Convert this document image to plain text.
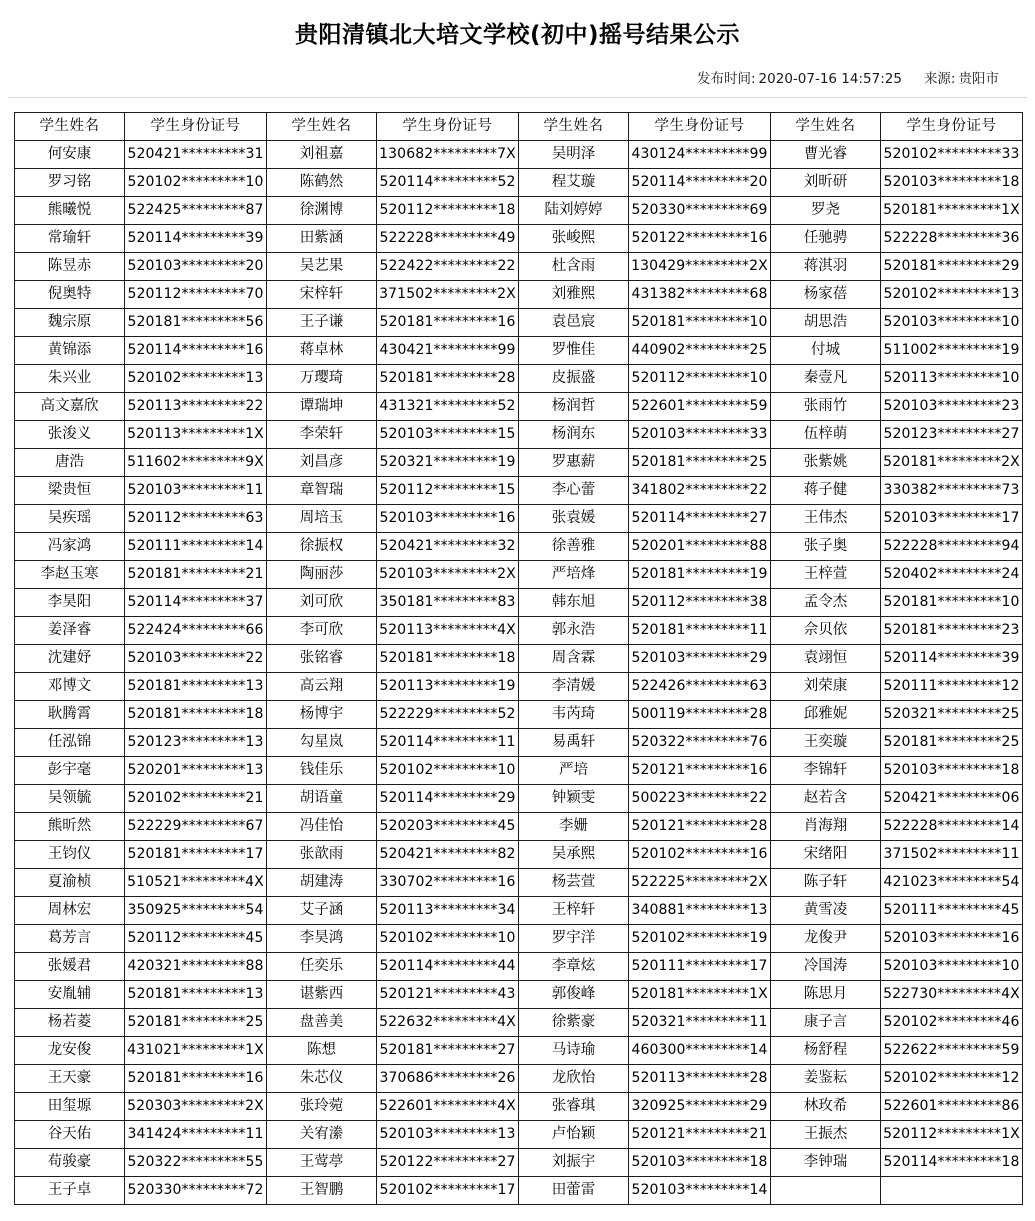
贵阳清镇北大培文学校(初中)摇号结果公示
发布时间: 2020-07-16 14:57:25 来源: 贵阳市
学生姓名	学生身份证号	学生姓名	学生身份证号	学生姓名	学生身份证号	学生姓名	学生身份证号
何安康	520421*********31	刘祖嘉	130682*********7X	吴明泽	430124*********99	曹光睿	520102*********33
罗习铭	520102*********10	陈鹤然	520114*********52	程艾璇	520114*********20	刘昕研	520103*********18
熊曦悦	522425*********87	徐渊博	520112*********18	陆刘婷婷	520330*********69	罗尧	520181*********1X
常瑜轩	520114*********39	田紫涵	522228*********49	张峻熙	520122*********16	任驰骋	522228*********36
陈昱赤	520103*********20	吴艺果	522422*********22	杜含雨	130429*********2X	蒋淇羽	520181*********29
倪奥特	520112*********70	宋梓轩	371502*********2X	刘雅熙	431382*********68	杨家蓓	520102*********13
魏宗原	520181*********56	王子谦	520181*********16	袁邑宸	520181*********10	胡思浩	520103*********10
黄锦添	520114*********16	蒋卓林	430421*********99	罗惟佳	440902*********25	付城	511002*********19
朱兴业	520102*********13	万璎琦	520181*********28	皮振盛	520112*********10	秦壹凡	520113*********10
高文嘉欣	520113*********22	谭瑞坤	431321*********52	杨润哲	522601*********59	张雨竹	520103*********23
张浚义	520113*********1X	李荣轩	520103*********15	杨润东	520103*********33	伍梓萌	520123*********27
唐浩	511602*********9X	刘昌彦	520321*********19	罗惠薪	520181*********25	张紫姚	520181*********2X
梁贵恒	520103*********11	章智瑞	520112*********15	李心蕾	341802*********22	蒋子健	330382*********73
吴疾瑶	520112*********63	周培玉	520103*********16	张袁媛	520114*********27	王伟杰	520103*********17
冯家鸿	520111*********14	徐振权	520421*********32	徐善雅	520201*********88	张子奥	522228*********94
李赵玉寒	520181*********21	陶丽莎	520103*********2X	严培烽	520181*********19	王梓萱	520402*********24
李昊阳	520114*********37	刘可欣	350181*********83	韩东旭	520112*********38	孟令杰	520181*********10
姜泽睿	522424*********66	李可欣	520113*********4X	郭永浩	520181*********11	佘贝依	520181*********23
沈建妤	520103*********22	张铭睿	520181*********18	周含霖	520103*********29	袁翊恒	520114*********39
邓博文	520181*********13	高云翔	520113*********19	李清媛	522426*********63	刘荣康	520111*********12
耿腾霄	520181*********18	杨博宇	522229*********52	韦芮琦	500119*********28	邱雅妮	520321*********25
任泓锦	520123*********13	勾星岚	520114*********11	易禹轩	520322*********76	王奕璇	520181*********25
彭宇毫	520201*********13	钱佳乐	520102*********10	严培	520121*********16	李锦轩	520103*********18
吴领毓	520102*********21	胡语童	520114*********29	钟颖雯	500223*********22	赵若含	520421*********06
熊昕然	522229*********67	冯佳怡	520203*********45	李姗	520121*********28	肖海翔	522228*********14
王钧仪	520181*********17	张歆雨	520421*********82	吴承熙	520102*********16	宋绪阳	371502*********11
夏渝桢	510521*********4X	胡建涛	330702*********16	杨芸萱	522225*********2X	陈子轩	421023*********54
周林宏	350925*********54	艾子涵	520113*********34	王梓轩	340881*********13	黄雪凌	520111*********45
葛芳言	520112*********45	李昊鸿	520102*********10	罗宇洋	520102*********19	龙俊尹	520103*********16
张媛君	420321*********88	任奕乐	520114*********44	李章炫	520111*********17	冷国涛	520103*********10
安胤辅	520181*********13	谌紫西	520121*********43	郭俊峰	520181*********1X	陈思月	522730*********4X
杨若菱	520181*********25	盘善美	522632*********4X	徐紫豪	520321*********11	康子言	520102*********46
龙安俊	431021*********1X	陈想	520181*********27	马诗瑜	460300*********14	杨舒程	522622*********59
王天豪	520181*********16	朱芯仪	370686*********26	龙欣怡	520113*********28	姜鉴耘	520102*********12
田玺塬	520303*********2X	张玲菀	522601*********4X	张睿琪	320925*********29	林玫希	522601*********86
谷天佑	341424*********11	关宥潫	520103*********13	卢怡颖	520121*********21	王振杰	520112*********1X
苟骏豪	520322*********55	王莺葶	520122*********27	刘振宇	520103*********18	李钟瑞	520114*********18
王子卓	520330*********72	王智鹏	520102*********17	田蕾雷	520103*********14		
